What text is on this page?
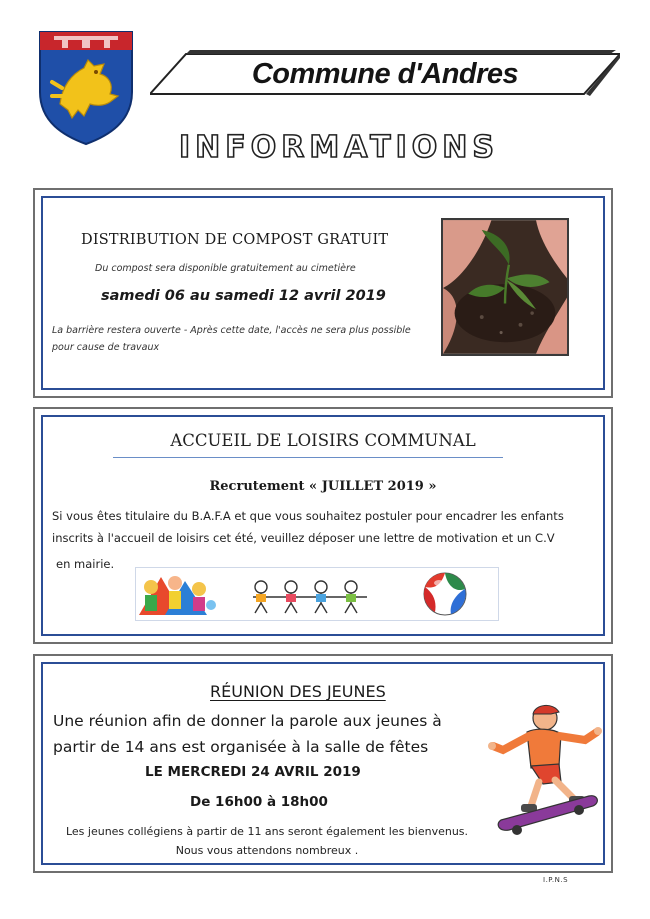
Commune d'Andres
INFORMATIONS
DISTRIBUTION DE COMPOST GRATUIT
Du compost sera disponible gratuitement au cimetière
samedi 06 au samedi 12 avril 2019
La barrière restera ouverte - Après cette date, l'accès ne sera plus possible pour cause de travaux
ACCUEIL DE LOISIRS COMMUNAL
Recrutement « JUILLET 2019 »
Si vous êtes titulaire du B.A.F.A et que vous souhaitez postuler pour encadrer les enfants inscrits à l'accueil de loisirs cet été, veuillez déposer une lettre de motivation et un C.V
en mairie.
RÉUNION DES JEUNES
Une réunion afin de donner la parole aux jeunes à partir de 14 ans est organisée à la salle de fêtes
LE MERCREDI 24 AVRIL 2019
De 16h00 à 18h00
Les jeunes collégiens à partir de 11 ans seront également les bienvenus. Nous vous attendons nombreux .
I.P.N.S
